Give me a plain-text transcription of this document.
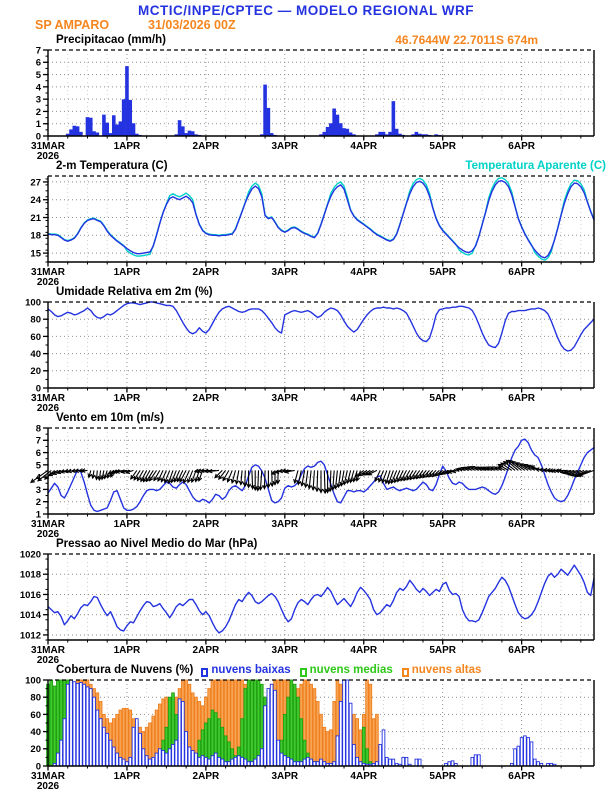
MCTIC/INPE/CPTEC — MODELO REGIONAL WRF
SP AMPARO	31/03/2026 00Z
Precipitacao (mm/h)	46.7644W 22.7011S 674m
0
1
2
3
4
5
6
7
31MAR
2026
1APR	2APR	3APR	4APR	5APR	6APR
2-m Temperatura (C)	Temperatura Aparente (C)
15
18
21
24
27
31MAR
2026
1APR	2APR	3APR	4APR	5APR	6APR
Umidade Relativa em 2m (%)
0
20
40
60
80
100
31MAR
2026
1APR	2APR	3APR	4APR	5APR	6APR
Vento em 10m (m/s)
1
2
3
4
5
6
7
8
31MAR
2026
1APR	2APR	3APR	4APR	5APR	6APR
Pressao ao Nivel Medio do Mar (hPa)
1012
1014
1016
1018
1020
31MAR
2026
1APR	2APR	3APR	4APR	5APR	6APR
Cobertura de Nuvens (%) nuvens baixas nuvens medias nuvens altas
0
20
40
60
80
100
31MAR
2026
1APR	2APR	3APR	4APR	5APR	6APR
